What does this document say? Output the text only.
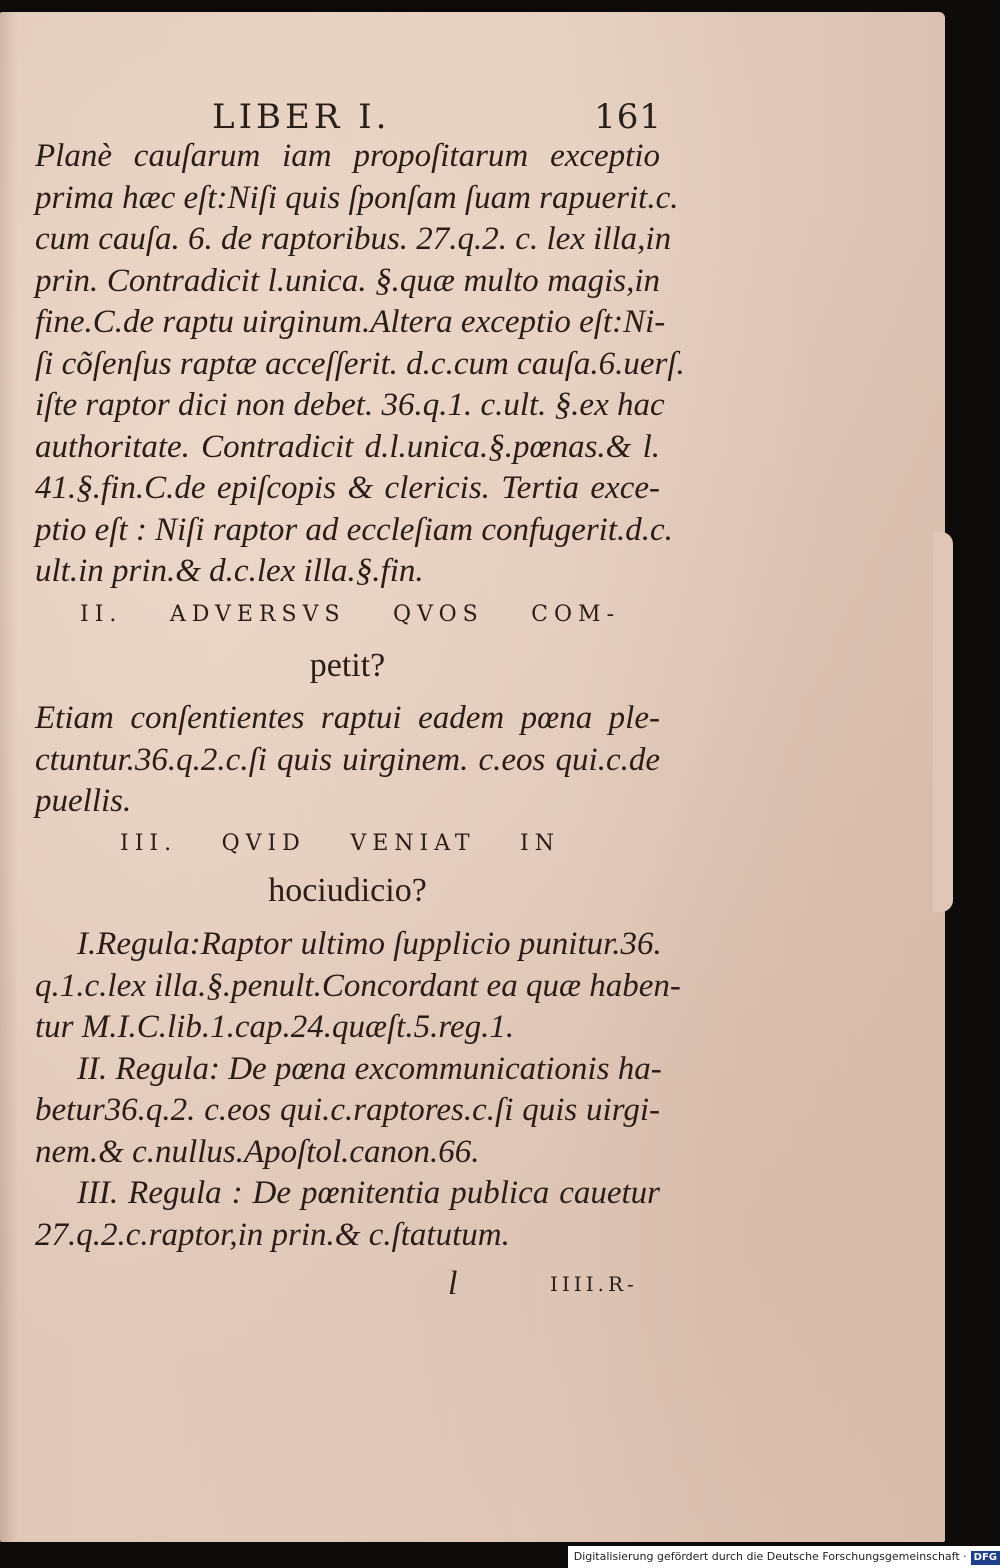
LIBER I.	161

Planè cauſarum iam propoſitarum exceptio
prima hæc eſt:Niſi quis ſponſam ſuam rapuerit.c.
cum cauſa. 6. de raptoribus. 27.q.2. c. lex illa,in
prin. Contradicit l.unica. §.quæ multo magis,in
fine.C.de raptu uirginum.Altera exceptio eſt:Ni-
ſi cõſenſus raptæ acceſſerit. d.c.cum cauſa.6.uerſ.
iſte raptor dici non debet. 36.q.1. c.ult. §.ex hac
authoritate. Contradicit d.l.unica.§.pœnas.& l.
41.§.fin.C.de epiſcopis & clericis. Tertia exce-
ptio eſt : Niſi raptor ad eccleſiam confugerit.d.c.
ult.in prin.& d.c.lex illa.§.fin.

II. ADVERSVS QVOS COM-

petit?

Etiam conſentientes raptui eadem pœna ple-
ctuntur.36.q.2.c.ſi quis uirginem. c.eos qui.c.de
puellis.

III. QVID VENIAT IN

hociudicio?

I.Regula:Raptor ultimo ſupplicio punitur.36.
q.1.c.lex illa.§.penult.Concordant ea quæ haben-
tur M.I.C.lib.1.cap.24.quæſt.5.reg.1.
II. Regula: De pœna excommunicationis ha-
betur36.q.2. c.eos qui.c.raptores.c.ſi quis uirgi-
nem.& c.nullus.Apoſtol.canon.66.
III. Regula : De pœnitentia publica cauetur
27.q.2.c.raptor,in prin.& c.ſtatutum.

l	IIII.R-
Digitalisierung gefördert durch die Deutsche Forschungsgemeinschaft · DFG
